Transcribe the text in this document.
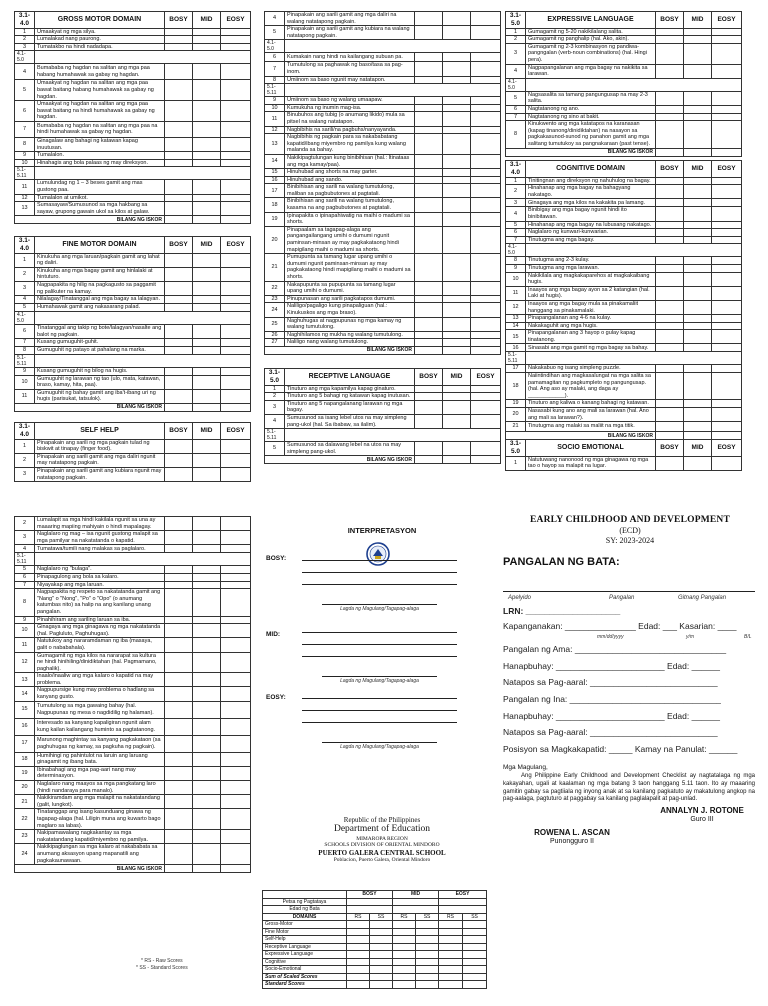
3.1-4.0	GROSS MOTOR DOMAIN	BOSY	MID	EOSY
1	Umaakyat ng mga silya.			
2	Lumalakad nang paurong.			
3	Tumatakbo na hindi nadadapa.			
4.1-5.0				
4	Bumababa ng hagdan na salitan ang mga paa habang humahawak sa gabay ng hagdan.			
5	Umaakyat ng hagdan na salitan ang mga paa bawat baitang habang humahawak sa gabay ng hagdan.			
6	Umaakyat ng hagdan na salitan ang mga paa bawat baitang na hindi humahawak sa gabay ng hagdan.			
7	Bumababa ng hagdan na salitan ang mga paa na hindi humahawak sa gabay ng hagdan.			
8	Ginagalaw ang bahagi ng katawan kapag inuutusan.			
9	Tumalalon.			
10	Hinahagis ang bola palaas ng may direksyon.			
5.1-5.11				
11	Lumulundag ng 1 – 3 beses gamit ang mas gustong paa.			
12	Tumalalon at umikot.			
13	Sumasayaw/Sumusunod sa mga hakbang sa sayaw, grupong gawain ukol sa kilos at galaw.			
BILANG NG ISKOR				
3.1-4.0	FINE MOTOR DOMAIN	BOSY	MID	EOSY
1	Kinukuha ang mga laruan/pagkain gamit ang lahat ng daliri.			
2	Kinukuha ang mga bagay gamit ang hinlalaki at hintuturo.			
3	Nagpapakita ng hilig na pagkagusto sa paggamit ng palikuter na kamay.			
4	Nilalagay/Tinatanggal ang mga bagay sa lalagyan.			
5	Humahawak gamit ang nakasarang palad.			
4.1-5.0				
6	Tinatanggal ang takip ng bote/lalagyan/nasalte ang balot ng pagkain.			
7	Kusang gumuguhit-guhit.			
8	Gumuguhit ng patayo at pahalang na marka.			
5.1-5.11				
9	Kusang gumuguhit ng bilog na hugis.			
10	Gumuguhit ng larawan ng tao (ulo, mata, katawan, braso, kamay, hita, paa).			
11	Gumuguhit ng bahay gamit ang iba't-ibang uri ng hugis (parisukat, tatsulok).			
BILANG NG ISKOR				
3.1-4.0	SELF HELP	BOSY	MID	EOSY
1	Pinapakain ang sarili ng mga pagkain tulad ng biskwit at tinapay (finger food).			
2	Pinapakain ang sarili gamit ang mga daliri ngunit may natatapong pagkain.			
3	Pinapakain ang sarili gamit ang kubiara ngunit may natatapong pagkain.			
4	Pinapakain ang sarili gamit ang mga daliri na walang natatapong pagkain.			
5	Pinapakain ang sarili gamit ang kubiara na walang natatapong pagkain.			
4.1-5.0				
6	Kumakain nang hindi na kailangang subuan pa.			
7	Tumutulong sa paghawak ng baso/tasa sa pag-inom.			
8	Umiinom sa baso ngunit may natatapon.			
5.1-5.11				
9	Umiinom sa baso ng walang umaapaw.			
10	Kumukuha ng inumin mag-isa.			
11	Binubuhos ang tubig (o anumang likido) mula sa pitsel na walang natatapon.			
12	Nagbibihis na sarili/na pagbuhs/nanyayanda.			
13	Nagbibihis ng pagkain para sa nakababatang kapatid/ibang miyembro ng pamilya kung walang malanda sa bahay.			
14	Nakikipagtulungan kung binibihisan (hal.: Itinataas ang mga kamay/paa).			
15	Hinuhubad ang shorts na may garter.			
16	Hinuhubad ang sando.			
17	Binibihisan ang sarili na walang tumutulong, maliban sa pagbubutones at pagtatali.			
18	Binibihisan ang sarili na walang tumutulong, kasama na ang pagbubutones at pagtatali.			
19	Ipinapakita o ipinapahiwatig na maihi o madumi sa shorts.			
20	Pinapaalam sa tagapag-alaga ang pangangailangang umihi o dumumi ngunit paminsan-minsan ay may pagkakataong hindi mapigilang maihi o madumi sa shorts.			
21	Pumupunta sa tamang lugar upang umihi o dumumi ngunit paminsan-minsan ay may pagkakataong hindi mapigilang maihi o madumi sa shorts.			
22	Nakapupunta sa pupupunta sa tamang lugar upang umihi o dumumi.			
23	Pinupunasan ang sarili pagkatapos dumumi.			
24	Naliligo/pagaligo kung pinapaliguan (hal.: Kinukuskos ang mga braso).			
25	Naghuhugas at nagpupunas ng mga kamay ng walang tumutulong.			
26	Naghihilamos ng mukha ng walang tumutulong.			
27	Naliligo nang walang tumutulong.			
BILANG NG ISKOR				
3.1-5.0	RECEPTIVE LANGUAGE	BOSY	MID	EOSY
1	Tinuturo ang mga kapamilya kapag ginaturo.			
2	Tinuturo ang 5 bahagi ng katawan kapag inutusan.			
3	Tinuturo ang 5 napangalanang larawan ng mga bagay.			
4	Sumusunod sa isang lebel utos na may simpleng pang-ukol (hal. Sa ibabaw, sa ilalim).			
5.1-5.11				
5	Sumusunod sa dalawang lebel na utos na may simpleng pang-ukol.			
BILANG NG ISKOR				
3.1-5.0	EXPRESSIVE LANGUAGE	BOSY	MID	EOSY
1	Gumagamit ng 5-20 nakikilalang salita.			
2	Gumagamit ng panghalip (hal. Ako, akin).			
3	Gumagamit ng 2-3 kombinasyon ng pandiwa-pangngalan (verb-noun combinations) (hal. Hingi pera).			
4	Nagpapangalanan ang mga bagay na nakikita sa larawan.			
4.1-5.0				
5	Nagsasalita sa tamang pangungusap na may 2-3 salita.			
6	Nagtatanong ng ano.			
7	Nagtatanong ng sino at bakit.			
8	Kinukwento ang mga katatapos na karanasan (kapag tinanong/dinidiktahan) na nasayon sa pagkakasunod-sunod ng panahon gamit ang mga salitang tumutukoy sa pangnakaraan (past tense).			
BILANG NG ISKOR				
3.1-4.0	COGNITIVE DOMAIN	BOSY	MID	EOSY
1	Tinitingnan ang direksyon ng nahuhulog na bagay.			
2	Hinahanap ang mga bagay na bahagyang nakatago.			
3	Ginagaya ang mga kilos na kakakita pa lamang.			
4	Binibigay ang mga bagay ngunit hindi ito binibitawan.			
5	Hinahanap ang mga bagay na lubusang nakatago.			
6	Naglalaro ng kunwari-kunwarian.			
7	Tinutugma ang mga bagay.			
4.1-5.0				
8	Tinutugma ang 2-3 kulay.			
9	Tinutugma ang mga larawan.			
10	Nakikilala ang magkakaparehos at magkakaibang hugis.			
11	Inaayos ang mga bagay ayon sa 2 katangian (hal. Laki at hugis).			
12	Inaayos ang mga bagay mula sa pinakamaliit hanggang sa pinakamalaki.			
13	Pinapangalanan ang 4-6 na kulay.			
14	Nakakaguhit ang mga hugis.			
15	Pinapangalanan ang 3 hayop o gulay kapag tinatanong.			
16	Sinasabi ang mga gamit ng mga bagay sa bahay.			
5.1-5.11				
17	Nakakabuo ng isang simpleng puzzle.			
18	Naiintindihan ang magkasalungat na mga salita sa pamamagitan ng pagkumpleto ng pangungusap. (hal. Ang aso ay malaki, ang daga ay ____________).			
19	Tinuturo ang kaliwa o kanang bahagi ng katawan.			
20	Nasasabi kung ano ang mali sa larawan (hal. Ano ang mali sa larawan?).			
21	Tinutugma ang malaki sa maliit na mga titik.			
BILANG NG ISKOR				
3.1-5.0	SOCIO EMOTIONAL	BOSY	MID	EOSY
1	Natutuwang nanonood ng mga ginagawa ng mga tao o hayop sa malapit na lugar.			
2	Lumalapit sa mga hindi kakilala ngunit sa una ay maaaring mapiing mahiyain o hindi mapalagay.			
3	Naglalaro ng mag – isa ngunit gustong malapit sa mga pamilyar na nakatatanda o kapatid.			
4	Tumatawa/tumili nang malakas sa paglalaro.			
5.1-5.11				
5	Naglalaro ng "bulaga".			
6	Pinapagulong ang bola sa kalaro.			
7	Niyayakap ang mga laruan.			
8	Nagpapakita ng respeto sa nakatatanda gamit ang "Nang" o "Nong", "Po" o "Opo" (o anumang katumbas nito) sa halip na ang kanilang unang pangalan.			
9	Pinahihiram ang sariling laruan sa iba.			
10	Ginagaya ang mga ginagawa ng mga nakatatanda (hal. Pagluluto, Paghuhugas).			
11	Natutukoy ang nararamdaman ng iba (masaya, galit o nababahala).			
12	Gumagamit ng mga kilos na nararapat sa kultura ne hindi hinihiling/dinidiktahan (hal. Pagmamano, paghalik).			
13	Inaalo/inaaliw ang mga kalaro o kapatid na may problema.			
14	Nagpupursige kung may problema o hadlang sa kanyang gusto.			
15	Tumutulong sa mga gawaing bahay (hal. Nagpupunas ng mesa o nagdidilig ng halaman).			
16	Interesado sa kanyang kapaligiran ngunit alam kung kailan kailangang huminto sa pagtatanong.			
17	Marunong maghintay sa kanyang pagkakataon (sa paghuhugas ng kamay, sa pagkuha ng pagkain).			
18	Humihingi ng pahintulot na laruin ang laruang ginagamit ng ibang bata.			
19	Ibinabahagi ang mga pag-aari nang may determinasyon.			
20	Naglalaro nang maayos sa mga pangkatang laro (hindi nandaraya para manalo).			
21	Nakikiramdam ang mga malapit na nakatatandang (galit, lungkot).			
22	Tinatanggap ang isang kasunduang ginawa ng tagapag-alaga (hal. Liligin muna ang kuwarto bago maglaro sa labas).			
23	Nakipamawalang nagkakantay sa mga nakatatandang kapatid/miyembro ng pamilya.			
24	Nakikipaglungan sa mga kalaro at nakababata sa anumang aksasyon upang mapanatili ang pagkakaunawaan.			
BILANG NG ISKOR				
INTERPRETASYON
BOSY:
Lagda ng Magulang/Tagapag-alaga
MID:
Lagda ng Magulang/Tagapag-alaga
EOSY:
Lagda ng Magulang/Tagapag-alaga
Republic of the Philippines
Department of Education
MIMAROPA REGION
SCHOOLS DIVISION OF ORIENTAL MINDORO
PUERTO GALERA CENTRAL SCHOOL
Poblacion, Puerto Galera, Oriental Mindoro
	BOSY		MID		EOSY	
Petsa ng Pagtataya						
Edad ng Bata						
DOMAINS	RS	SS	RS	SS	RS	SS
Gross-Motor						
Fine Motor						
Self-Help						
Receptive Language						
Expressive Language						
Cognitive						
Socio-Emotional						
Sum of Scaled Scores						
Standard Scores						
* RS - Raw Scores
* SS - Standard Scores
EARLY CHILDHOOD AND DEVELOPMENT
(ECD)
SY: 2023-2024
PANGALAN NG BATA:
Apelyido	Pangalan	Gitnang Pangalan
LRN: ____________________
Kapanganakan: _______________ Edad: ___ Kasarian: ____
mm/dd/yyyy	y/m	B/L
Pangalan ng Ama: ________________________________
Hanapbuhay: _______________________ Edad: ______
Natapos sa Pag-aaral: ___________________________
Pangalan ng Ina: ________________________________
Hanapbuhay: _______________________ Edad: ______
Natapos sa Pag-aaral: ___________________________
Posisyon sa Magkakapatid: _____ Kamay na Panulat: ______
Mga Magulang,
Ang Philippine Early Childhood and Development Checklist ay nagtatalaga ng mga kakayahan, ugali at kaalaman ng mga batang 3 taon hanggang 5.11 taon. Ito ay maaaring gamitin gabay sa pagtiiala ng inyong anak at sa kanilang pagkatuto ay makatulong angkop na pag-aalaga, pagtuturo at paggabay sa kanilang paglalapalit at pag-unlad.
ANNALYN J. ROTONE
Guro III
ROWENA L. ASCAN
Punongguro II
